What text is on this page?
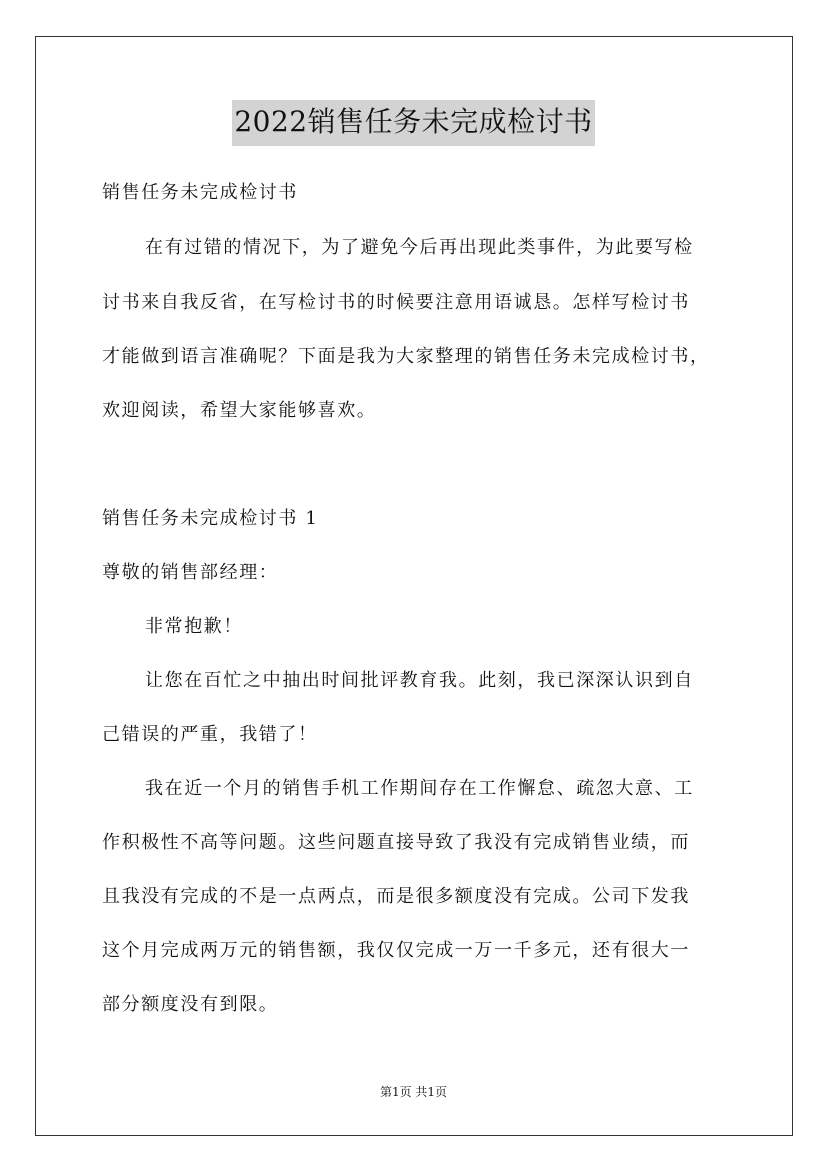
2022销售任务未完成检讨书
销售任务未完成检讨书
在有过错的情况下，为了避免今后再出现此类事件，为此要写检
讨书来自我反省，在写检讨书的时候要注意用语诚恳。怎样写检讨书
才能做到语言准确呢？下面是我为大家整理的销售任务未完成检讨书，
欢迎阅读，希望大家能够喜欢。
销售任务未完成检讨书 1
尊敬的销售部经理：
非常抱歉！
让您在百忙之中抽出时间批评教育我。此刻，我已深深认识到自
己错误的严重，我错了！
我在近一个月的销售手机工作期间存在工作懈怠、疏忽大意、工
作积极性不高等问题。这些问题直接导致了我没有完成销售业绩，而
且我没有完成的不是一点两点，而是很多额度没有完成。公司下发我
这个月完成两万元的销售额，我仅仅完成一万一千多元，还有很大一
部分额度没有到限。
第1页 共1页
